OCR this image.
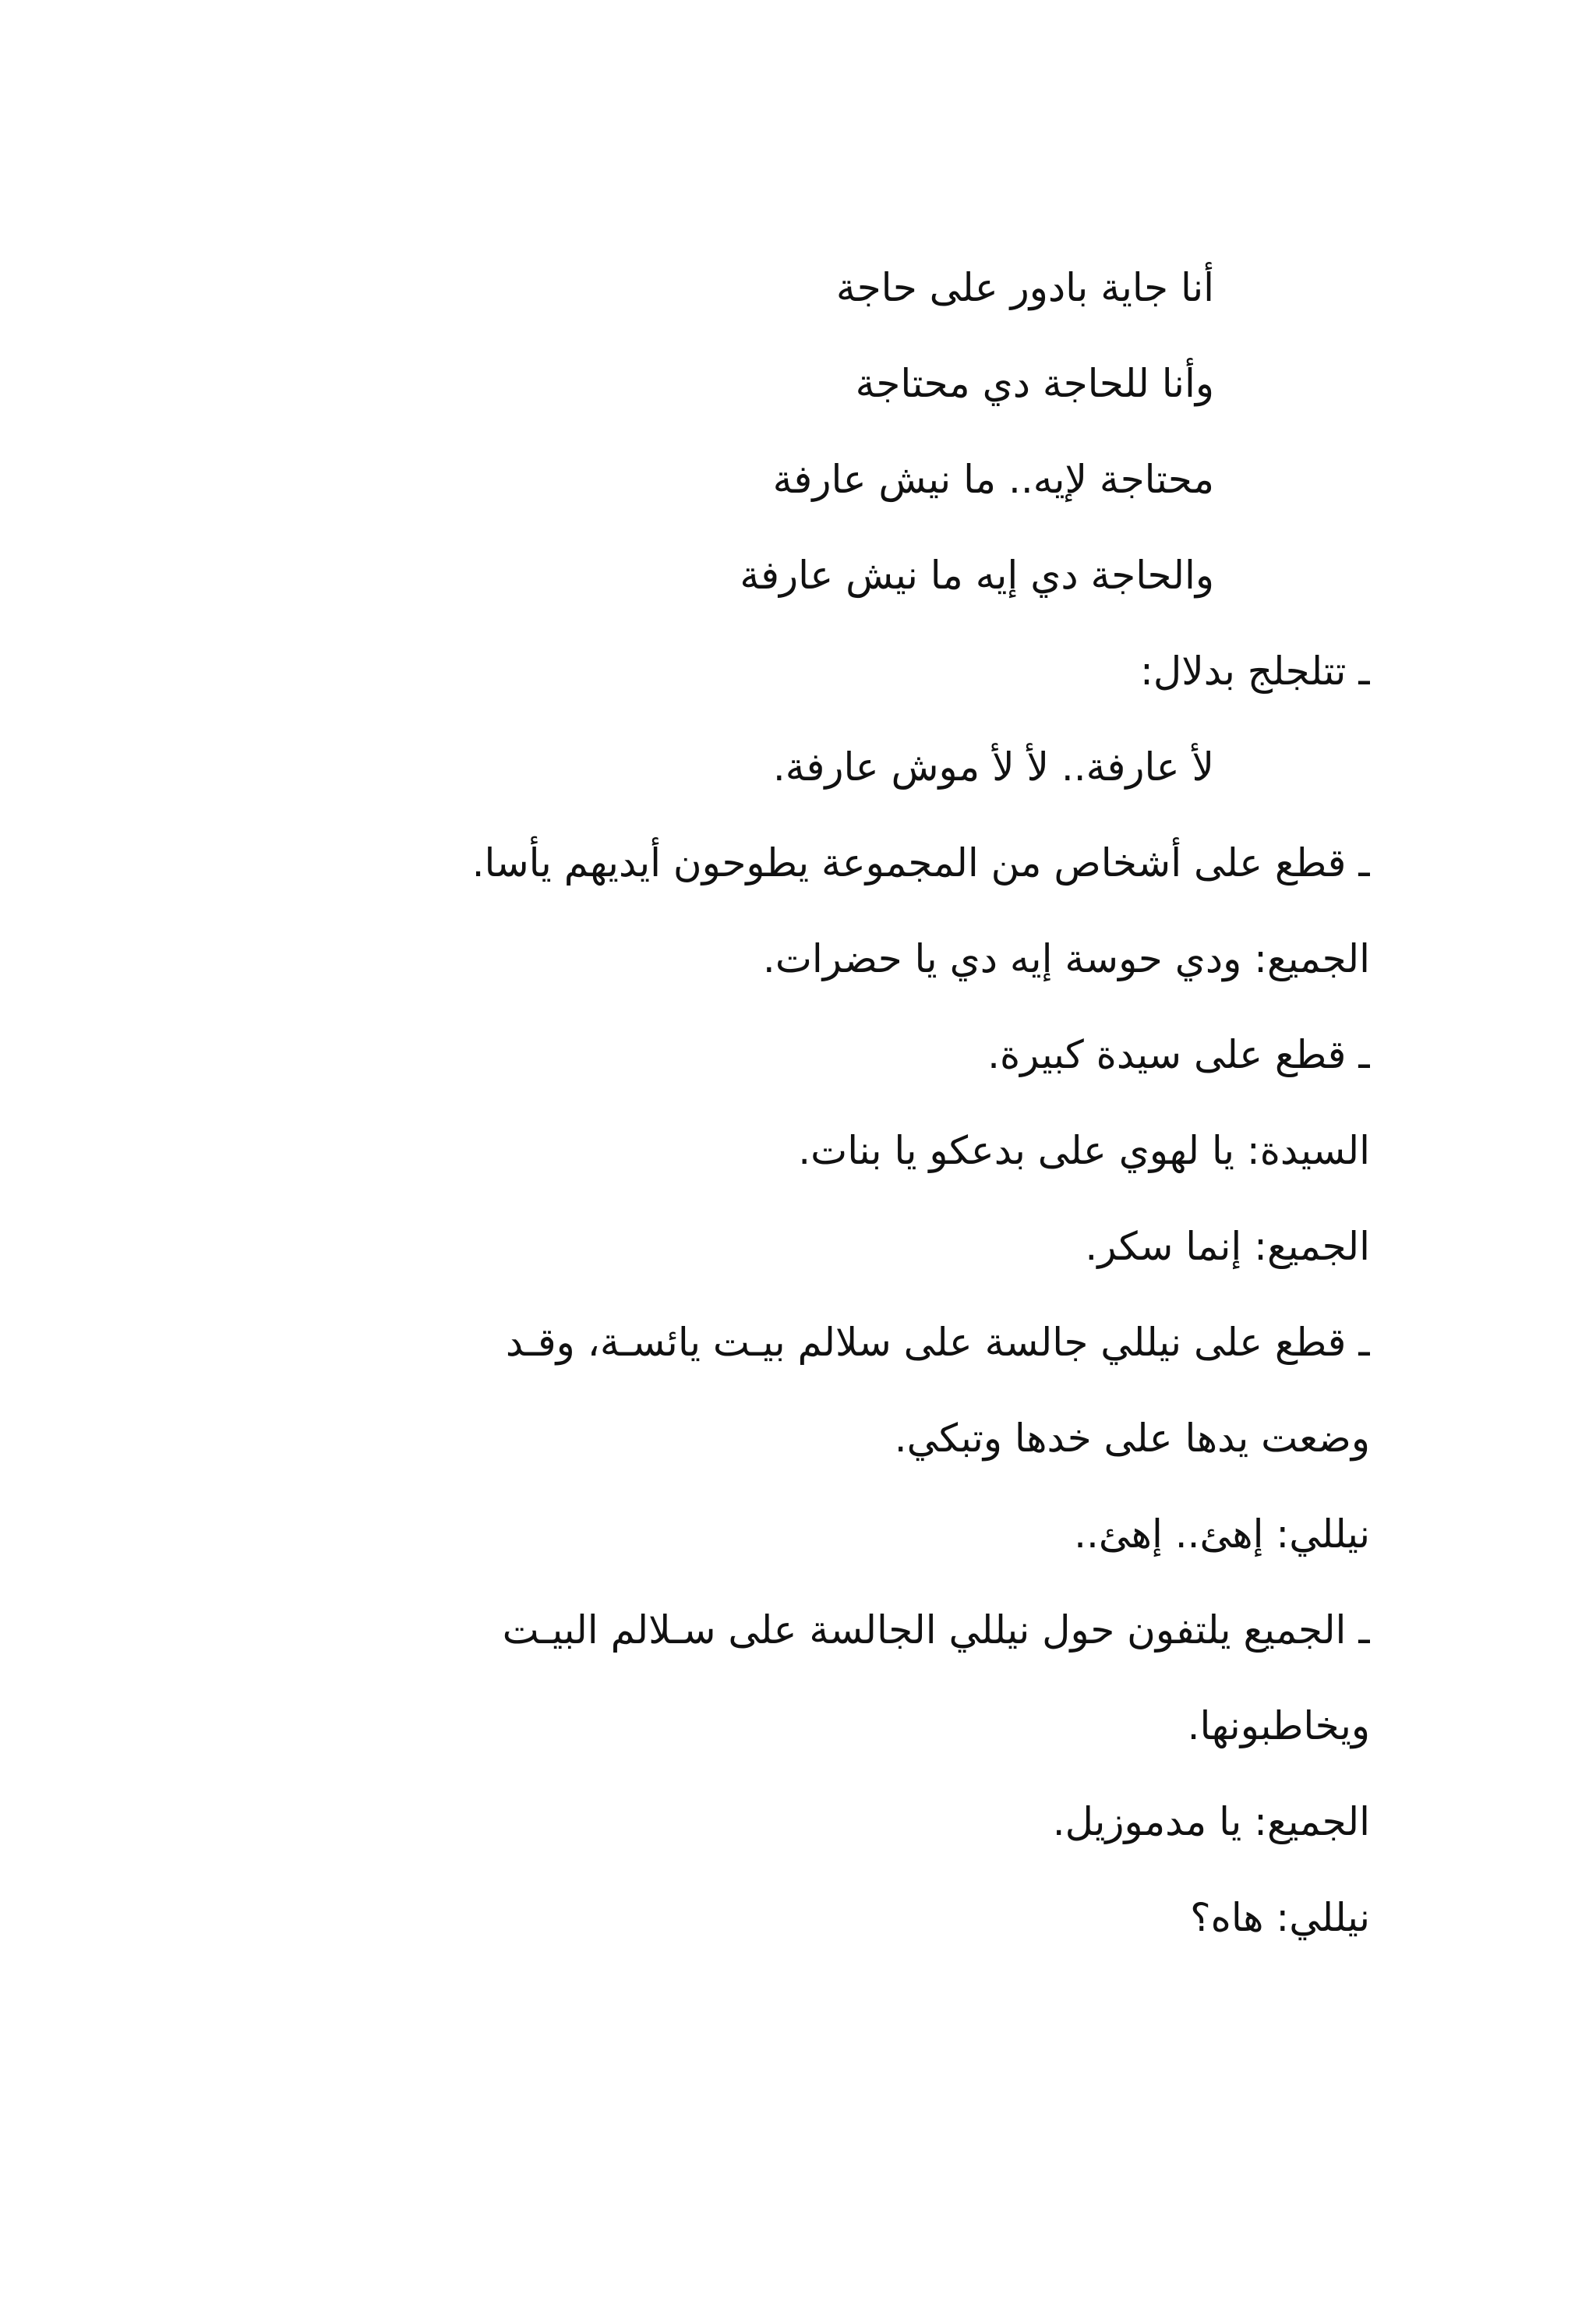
أنا جاية بادور على حاجة
وأنا للحاجة دي محتاجة
محتاجة لإيه.. ما نيش عارفة
والحاجة دي إيه ما نيش عارفة
ـ تتلجلج بدلال:
لأ عارفة.. لأ لأ موش عارفة.
ـ قطع على أشخاص من المجموعة يطوحون أيديهم يأسا.
الجميع: ودي حوسة إيه دي يا حضرات.
ـ قطع على سيدة كبيرة.
السيدة: يا لهوي على بدعكو يا بنات.
الجميع: إنما سكر.
ـ قطع على نيللي جالسة على سلالم بيـت يائسـة، وقـد
وضعت يدها على خدها وتبكي.
نيللي: إهئ.. إهئ..
ـ الجميع يلتفون حول نيللي الجالسة على سـلالم البيـت
ويخاطبونها.
الجميع: يا مدموزيل.
نيللي: هاه؟
